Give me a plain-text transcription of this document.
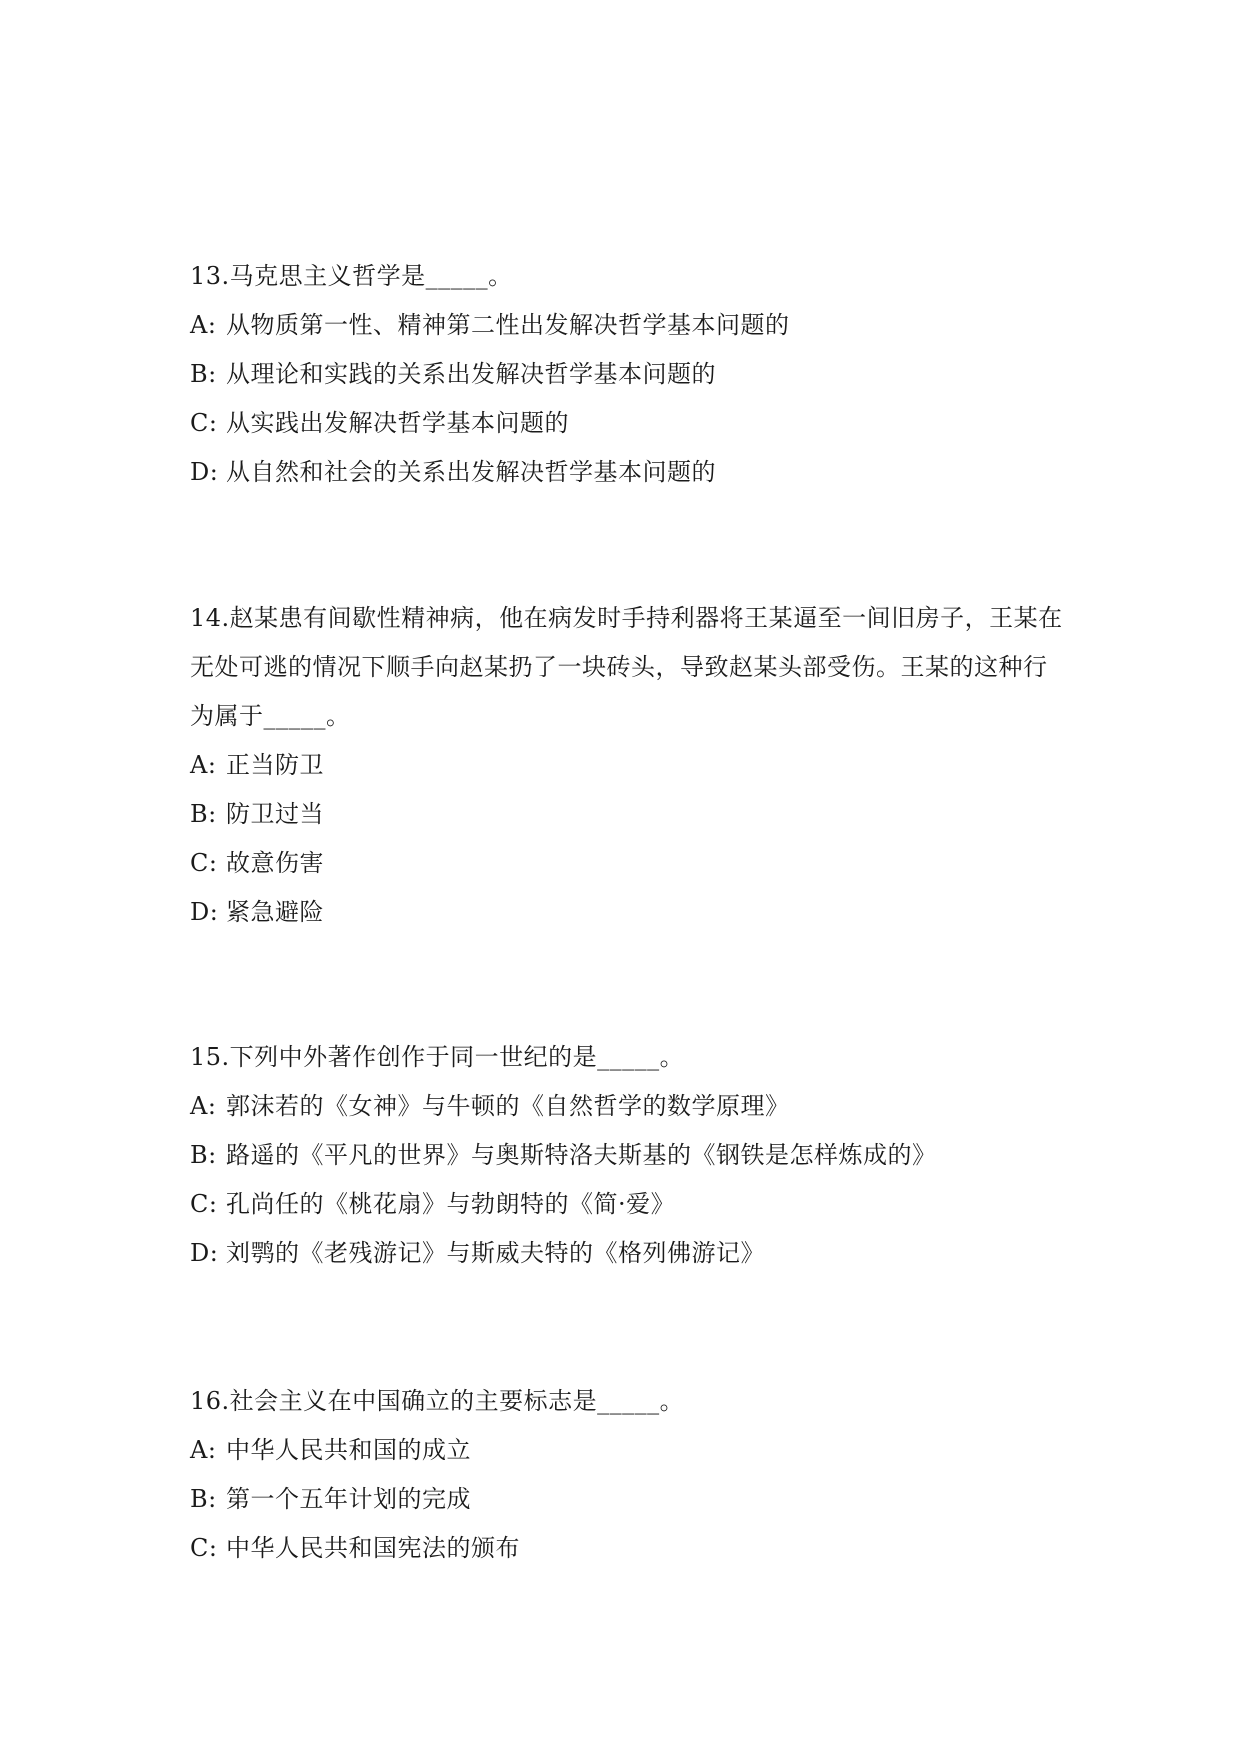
13.马克思主义哲学是_____。

A: 从物质第一性、精神第二性出发解决哲学基本问题的

B: 从理论和实践的关系出发解决哲学基本问题的

C: 从实践出发解决哲学基本问题的

D: 从自然和社会的关系出发解决哲学基本问题的

14.赵某患有间歇性精神病，他在病发时手持利器将王某逼至一间旧房子，王某在无处可逃的情况下顺手向赵某扔了一块砖头，导致赵某头部受伤。王某的这种行为属于_____。

A: 正当防卫

B: 防卫过当

C: 故意伤害

D: 紧急避险

15.下列中外著作创作于同一世纪的是_____。

A: 郭沫若的《女神》与牛顿的《自然哲学的数学原理》

B: 路遥的《平凡的世界》与奥斯特洛夫斯基的《钢铁是怎样炼成的》

C: 孔尚任的《桃花扇》与勃朗特的《简·爱》

D: 刘鹗的《老残游记》与斯威夫特的《格列佛游记》

16.社会主义在中国确立的主要标志是_____。

A: 中华人民共和国的成立

B: 第一个五年计划的完成

C: 中华人民共和国宪法的颁布
